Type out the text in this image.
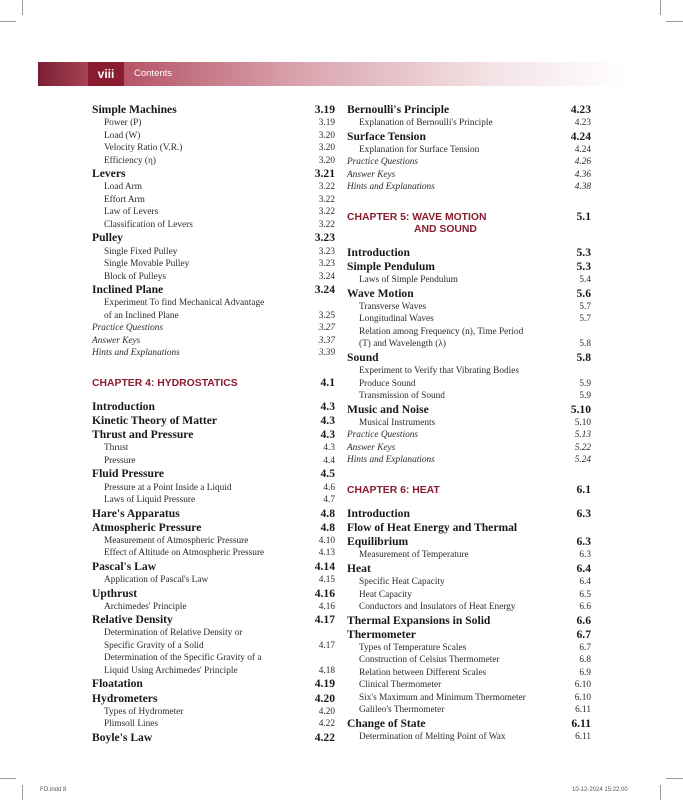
viii	Contents
Simple Machines	3.19
Power (P)	3.19
Load (W)	3.20
Velocity Ratio (V.R.)	3.20
Efficiency (η)	3.20
Levers	3.21
Load Arm	3.22
Effort Arm	3.22
Law of Levers	3.22
Classification of Levers	3.22
Pulley	3.23
Single Fixed Pulley	3.23
Single Movable Pulley	3.23
Block of Pulleys	3.24
Inclined Plane	3.24
Experiment To find Mechanical Advantage
of an Inclined Plane	3.25
Practice Questions	3.27
Answer Keys	3.37
Hints and Explanations	3.39
CHAPTER 4: HYDROSTATICS	4.1
Introduction	4.3
Kinetic Theory of Matter	4.3
Thrust and Pressure	4.3
Thrust	4.3
Pressure	4.4
Fluid Pressure	4.5
Pressure at a Point Inside a Liquid	4.6
Laws of Liquid Pressure	4.7
Hare's Apparatus	4.8
Atmospheric Pressure	4.8
Measurement of Atmospheric Pressure	4.10
Effect of Altitude on Atmospheric Pressure	4.13
Pascal's Law	4.14
Application of Pascal's Law	4.15
Upthrust	4.16
Archimedes' Principle	4.16
Relative Density	4.17
Determination of Relative Density or
Specific Gravity of a Solid	4.17
Determination of the Specific Gravity of a
Liquid Using Archimedes' Principle	4.18
Floatation	4.19
Hydrometers	4.20
Types of Hydrometer	4.20
Plimsoll Lines	4.22
Boyle's Law	4.22
Bernoulli's Principle	4.23
Explanation of Bernoulli's Principle	4.23
Surface Tension	4.24
Explanation for Surface Tension	4.24
Practice Questions	4.26
Answer Keys	4.36
Hints and Explanations	4.38
CHAPTER 5: WAVE MOTION	5.1
AND SOUND
Introduction	5.3
Simple Pendulum	5.3
Laws of Simple Pendulum	5.4
Wave Motion	5.6
Transverse Waves	5.7
Longitudinal Waves	5.7
Relation among Frequency (n), Time Period
(T) and Wavelength (λ)	5.8
Sound	5.8
Experiment to Verify that Vibrating Bodies
Produce Sound	5.9
Transmission of Sound	5.9
Music and Noise	5.10
Musical Instruments	5.10
Practice Questions	5.13
Answer Keys	5.22
Hints and Explanations	5.24
CHAPTER 6: HEAT	6.1
Introduction	6.3
Flow of Heat Energy and Thermal
Equilibrium	6.3
Measurement of Temperature	6.3
Heat	6.4
Specific Heat Capacity	6.4
Heat Capacity	6.5
Conductors and Insulators of Heat Energy	6.6
Thermal Expansions in Solid	6.6
Thermometer	6.7
Types of Temperature Scales	6.7
Construction of Celsius Thermometer	6.8
Relation between Different Scales	6.9
Clinical Thermometer	6.10
Six's Maximum and Minimum Thermometer	6.10
Galileo's Thermometer	6.11
Change of State	6.11
Determination of Melting Point of Wax	6.11
FO.indd 8	10-12-2024 15:22:00
